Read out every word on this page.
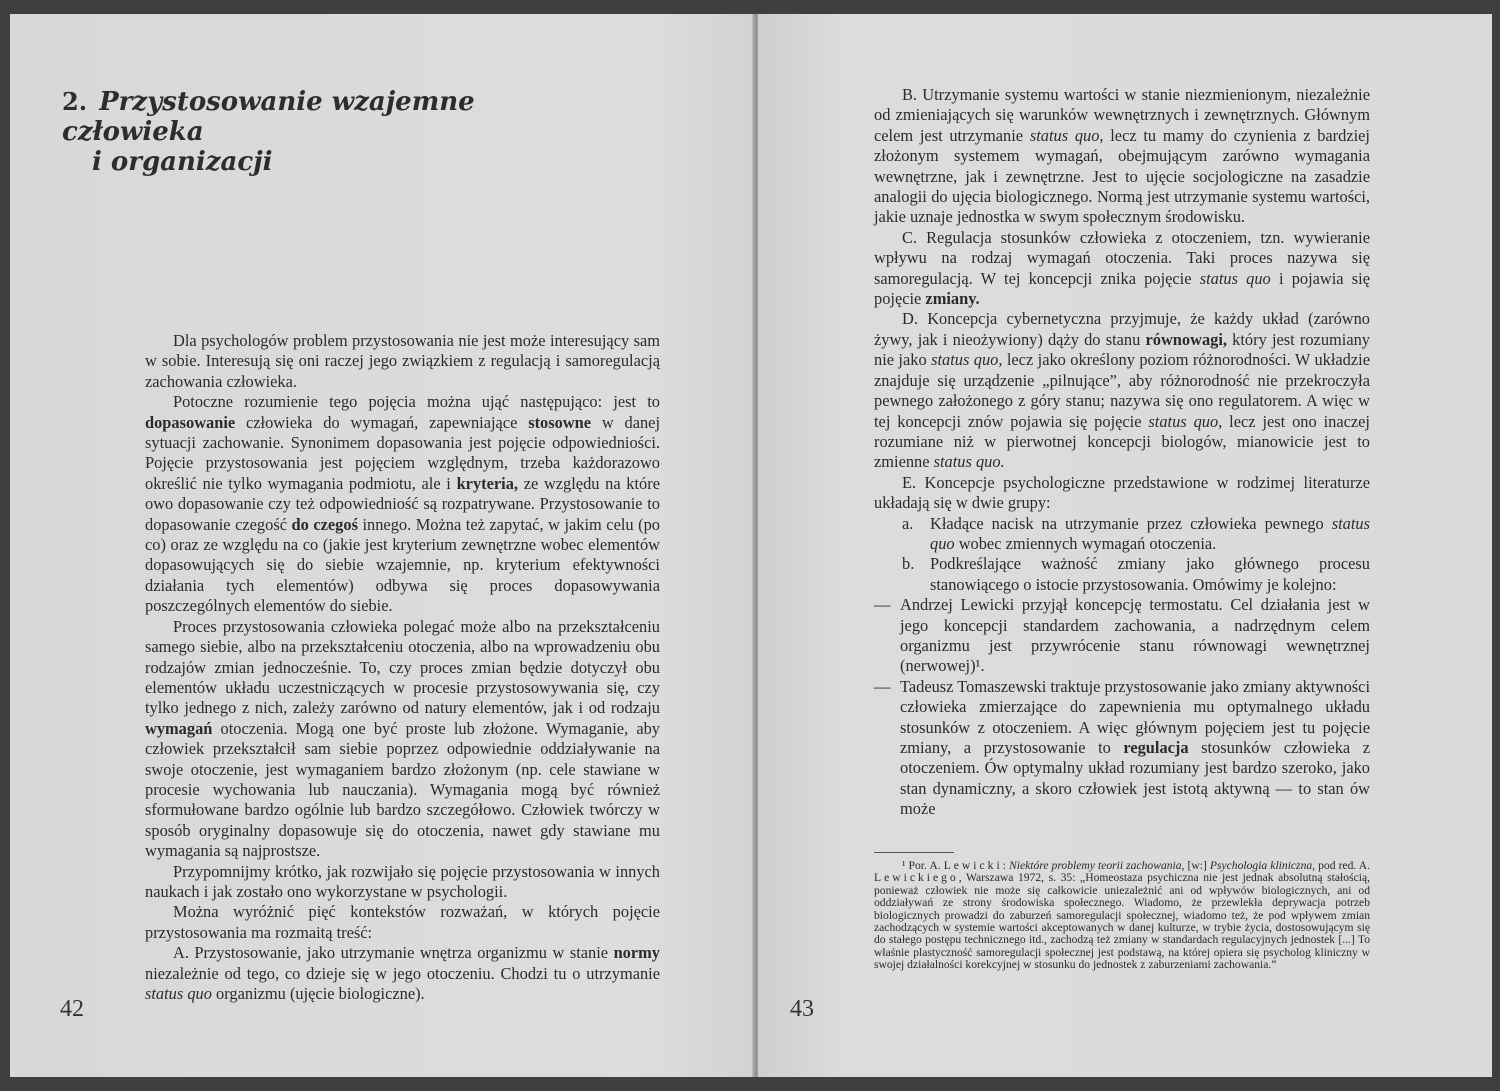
2. Przystosowanie wzajemne człowieka
i organizacji

Dla psychologów problem przystosowania nie jest może interesujący sam w sobie. Interesują się oni raczej jego związkiem z regulacją i samoregulacją zachowania człowieka.

Potoczne rozumienie tego pojęcia można ująć następująco: jest to dopasowanie człowieka do wymagań, zapewniające stosowne w danej sytuacji zachowanie. Synonimem dopasowania jest pojęcie odpowiedniości. Pojęcie przystosowania jest pojęciem względnym, trzeba każdorazowo określić nie tylko wymagania podmiotu, ale i kryteria, ze względu na które owo dopasowanie czy też odpowiedniość są rozpatrywane. Przystosowanie to dopasowanie czegość do czegoś innego. Można też zapytać, w jakim celu (po co) oraz ze względu na co (jakie jest kryterium zewnętrzne wobec elementów dopasowujących się do siebie wzajemnie, np. kryterium efektywności działania tych elementów) odbywa się proces dopasowywania poszczególnych elementów do siebie.

Proces przystosowania człowieka polegać może albo na przekształceniu samego siebie, albo na przekształceniu otoczenia, albo na wprowadzeniu obu rodzajów zmian jednocześnie. To, czy proces zmian będzie dotyczył obu elementów układu uczestniczących w procesie przystosowywania się, czy tylko jednego z nich, zależy zarówno od natury elementów, jak i od rodzaju wymagań otoczenia. Mogą one być proste lub złożone. Wymaganie, aby człowiek przekształcił sam siebie poprzez odpowiednie oddziaływanie na swoje otoczenie, jest wymaganiem bardzo złożonym (np. cele stawiane w procesie wychowania lub nauczania). Wymagania mogą być również sformułowane bardzo ogólnie lub bardzo szczegółowo. Człowiek twórczy w sposób oryginalny dopasowuje się do otoczenia, nawet gdy stawiane mu wymagania są najprostsze.

Przypomnijmy krótko, jak rozwijało się pojęcie przystosowania w innych naukach i jak zostało ono wykorzystane w psychologii.

Można wyróżnić pięć kontekstów rozważań, w których pojęcie przystosowania ma rozmaitą treść:

A. Przystosowanie, jako utrzymanie wnętrza organizmu w stanie normy niezależnie od tego, co dzieje się w jego otoczeniu. Chodzi tu o utrzymanie status quo organizmu (ujęcie biologiczne).

42

B. Utrzymanie systemu wartości w stanie niezmienionym, niezależnie od zmieniających się warunków wewnętrznych i zewnętrznych. Głównym celem jest utrzymanie status quo, lecz tu mamy do czynienia z bardziej złożonym systemem wymagań, obejmującym zarówno wymagania wewnętrzne, jak i zewnętrzne. Jest to ujęcie socjologiczne na zasadzie analogii do ujęcia biologicznego. Normą jest utrzymanie systemu wartości, jakie uznaje jednostka w swym społecznym środowisku.

C. Regulacja stosunków człowieka z otoczeniem, tzn. wywieranie wpływu na rodzaj wymagań otoczenia. Taki proces nazywa się samoregulacją. W tej koncepcji znika pojęcie status quo i pojawia się pojęcie zmiany.

D. Koncepcja cybernetyczna przyjmuje, że każdy układ (zarówno żywy, jak i nieożywiony) dąży do stanu równowagi, który jest rozumiany nie jako status quo, lecz jako określony poziom różnorodności. W układzie znajduje się urządzenie „pilnujące”, aby różnorodność nie przekroczyła pewnego założonego z góry stanu; nazywa się ono regulatorem. A więc w tej koncepcji znów pojawia się pojęcie status quo, lecz jest ono inaczej rozumiane niż w pierwotnej koncepcji biologów, mianowicie jest to zmienne status quo.

E. Koncepcje psychologiczne przedstawione w rodzimej literaturze układają się w dwie grupy:

a.	Kładące nacisk na utrzymanie przez człowieka pewnego status quo wobec zmiennych wymagań otoczenia.
b. Podkreślające ważność zmiany jako głównego procesu stanowiącego o istocie przystosowania. Omówimy je kolejno:
— Andrzej Lewicki przyjął koncepcję termostatu. Cel działania jest w jego koncepcji standardem zachowania, a nadrzędnym celem organizmu jest przywrócenie stanu równowagi wewnętrznej (nerwowej)¹.
— Tadeusz Tomaszewski traktuje przystosowanie jako zmiany aktywności człowieka zmierzające do zapewnienia mu optymalnego układu stosunków z otoczeniem. A więc głównym pojęciem jest tu pojęcie zmiany, a przystosowanie to regulacja stosunków człowieka z otoczeniem. Ów optymalny układ rozumiany jest bardzo szeroko, jako stan dynamiczny, a skoro człowiek jest istotą aktywną — to stan ów może

¹ Por. A. Lewicki: Niektóre problemy teorii zachowania, [w:] Psychologia kliniczna, pod red. A. Lewickiego, Warszawa 1972, s. 35: „Homeostaza psychiczna nie jest jednak absolutną stałością, ponieważ człowiek nie może się całkowicie uniezależnić ani od wpływów biologicznych, ani od oddziaływań ze strony środowiska społecznego. Wiadomo, że przewlekła deprywacja potrzeb biologicznych prowadzi do zaburzeń samoregulacji społecznej, wiadomo też, że pod wpływem zmian zachodzących w systemie wartości akceptowanych w danej kulturze, w trybie życia, dostosowującym się do stałego postępu technicznego itd., zachodzą też zmiany w standardach regulacyjnych jednostek [...] To właśnie plastyczność samoregulacji społecznej jest podstawą, na której opiera się psycholog kliniczny w swojej działalności korekcyjnej w stosunku do jednostek z zaburzeniami zachowania.”

43
